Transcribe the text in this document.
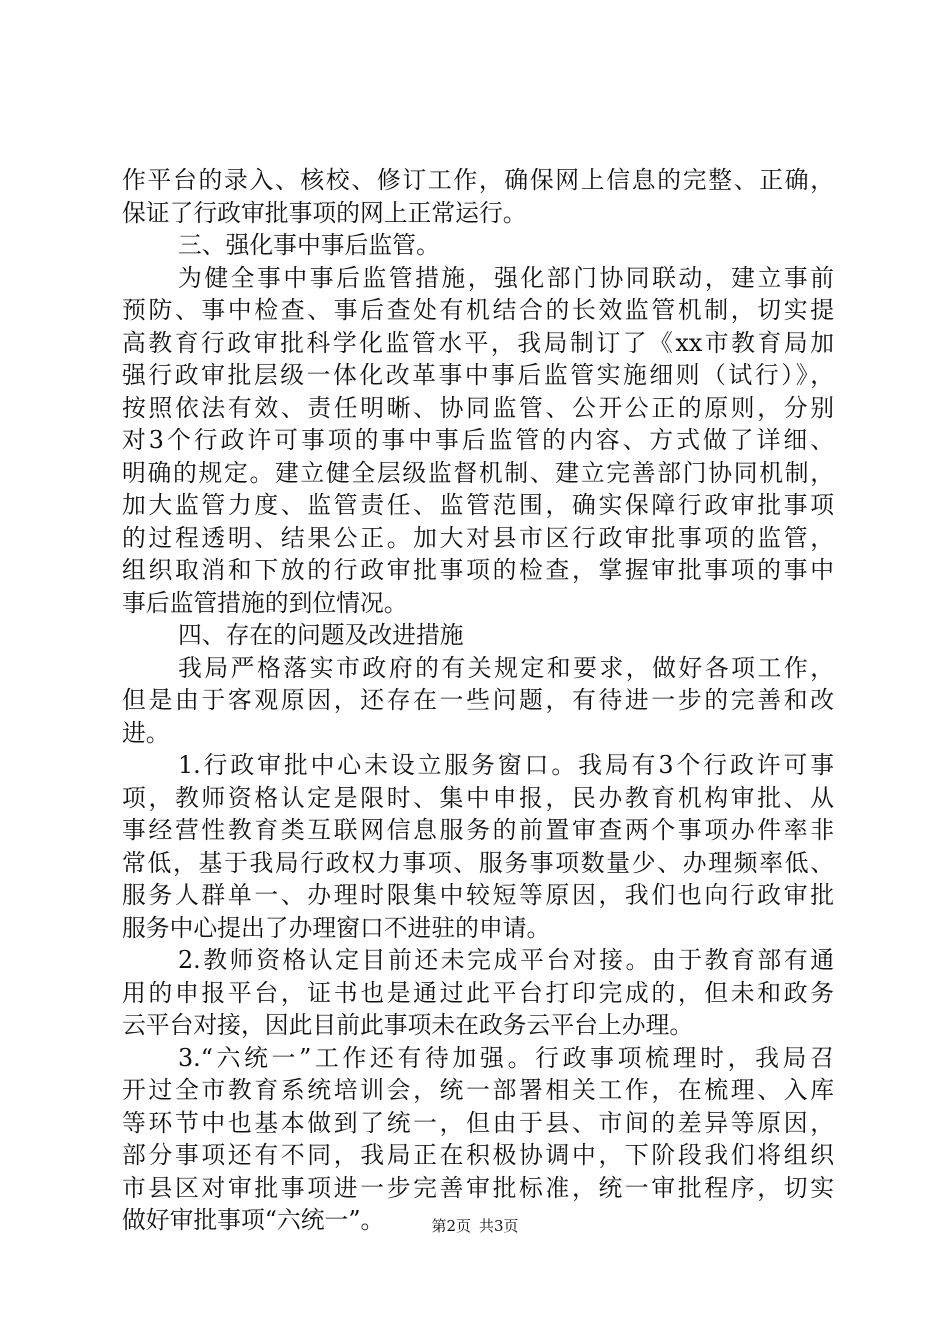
作平台的录入、核校、修订工作，确保网上信息的完整、正确，
保证了行政审批事项的网上正常运行。
三、强化事中事后监管。
为健全事中事后监管措施，强化部门协同联动，建立事前
预防、事中检查、事后查处有机结合的长效监管机制，切实提
高教育行政审批科学化监管水平，我局制订了《xx市教育局加
强行政审批层级一体化改革事中事后监管实施细则（试行）》，
按照依法有效、责任明晰、协同监管、公开公正的原则，分别
对3个行政许可事项的事中事后监管的内容、方式做了详细、
明确的规定。建立健全层级监督机制、建立完善部门协同机制，
加大监管力度、监管责任、监管范围，确实保障行政审批事项
的过程透明、结果公正。加大对县市区行政审批事项的监管，
组织取消和下放的行政审批事项的检查，掌握审批事项的事中
事后监管措施的到位情况。
四、存在的问题及改进措施
我局严格落实市政府的有关规定和要求，做好各项工作，
但是由于客观原因，还存在一些问题，有待进一步的完善和改
进。
1.行政审批中心未设立服务窗口。我局有3个行政许可事
项，教师资格认定是限时、集中申报，民办教育机构审批、从
事经营性教育类互联网信息服务的前置审查两个事项办件率非
常低，基于我局行政权力事项、服务事项数量少、办理频率低、
服务人群单一、办理时限集中较短等原因，我们也向行政审批
服务中心提出了办理窗口不进驻的申请。
2.教师资格认定目前还未完成平台对接。由于教育部有通
用的申报平台，证书也是通过此平台打印完成的，但未和政务
云平台对接，因此目前此事项未在政务云平台上办理。
3.“六统一”工作还有待加强。行政事项梳理时，我局召
开过全市教育系统培训会，统一部署相关工作，在梳理、入库
等环节中也基本做到了统一，但由于县、市间的差异等原因，
部分事项还有不同，我局正在积极协调中，下阶段我们将组织
市县区对审批事项进一步完善审批标准，统一审批程序，切实
做好审批事项“六统一”。	第2页 共3页
